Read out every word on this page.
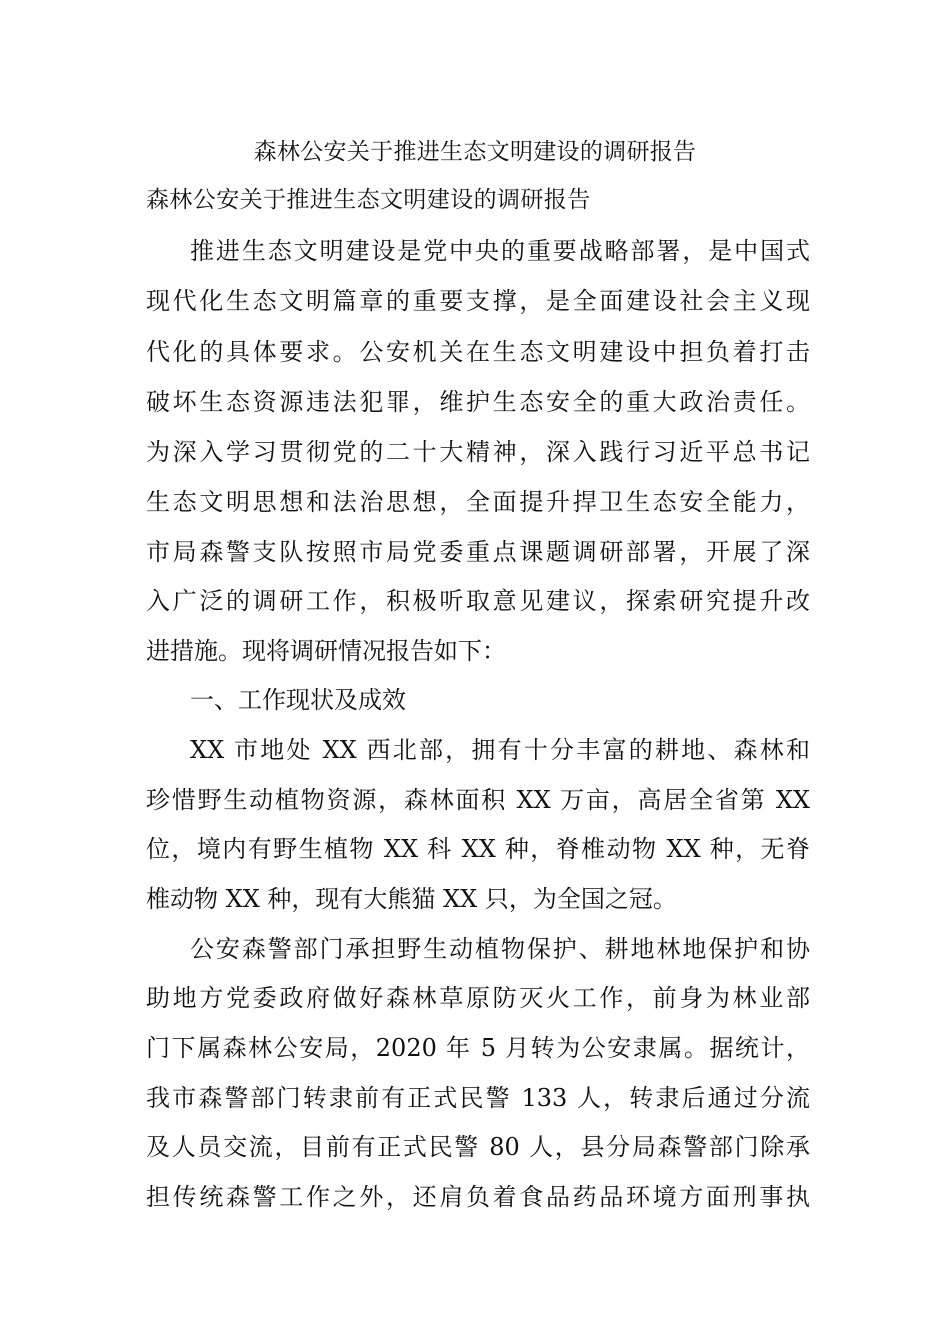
森林公安关于推进生态文明建设的调研报告
森林公安关于推进生态文明建设的调研报告

推进生态文明建设是党中央的重要战略部署，是中国式

现代化生态文明篇章的重要支撑，是全面建设社会主义现

代化的具体要求。公安机关在生态文明建设中担负着打击

破坏生态资源违法犯罪，维护生态安全的重大政治责任。

为深入学习贯彻党的二十大精神，深入践行习近平总书记

生态文明思想和法治思想，全面提升捍卫生态安全能力，

市局森警支队按照市局党委重点课题调研部署，开展了深

入广泛的调研工作，积极听取意见建议，探索研究提升改

进措施。现将调研情况报告如下：

一、工作现状及成效

XX 市地处 XX 西北部，拥有十分丰富的耕地、森林和

珍惜野生动植物资源，森林面积 XX 万亩，高居全省第 XX

位，境内有野生植物 XX 科 XX 种，脊椎动物 XX 种，无脊

椎动物 XX 种，现有大熊猫 XX 只，为全国之冠。

公安森警部门承担野生动植物保护、耕地林地保护和协

助地方党委政府做好森林草原防灭火工作，前身为林业部

门下属森林公安局，2020 年 5 月转为公安隶属。据统计，

我市森警部门转隶前有正式民警 133 人，转隶后通过分流

及人员交流，目前有正式民警 80 人，县分局森警部门除承

担传统森警工作之外，还肩负着食品药品环境方面刑事执
